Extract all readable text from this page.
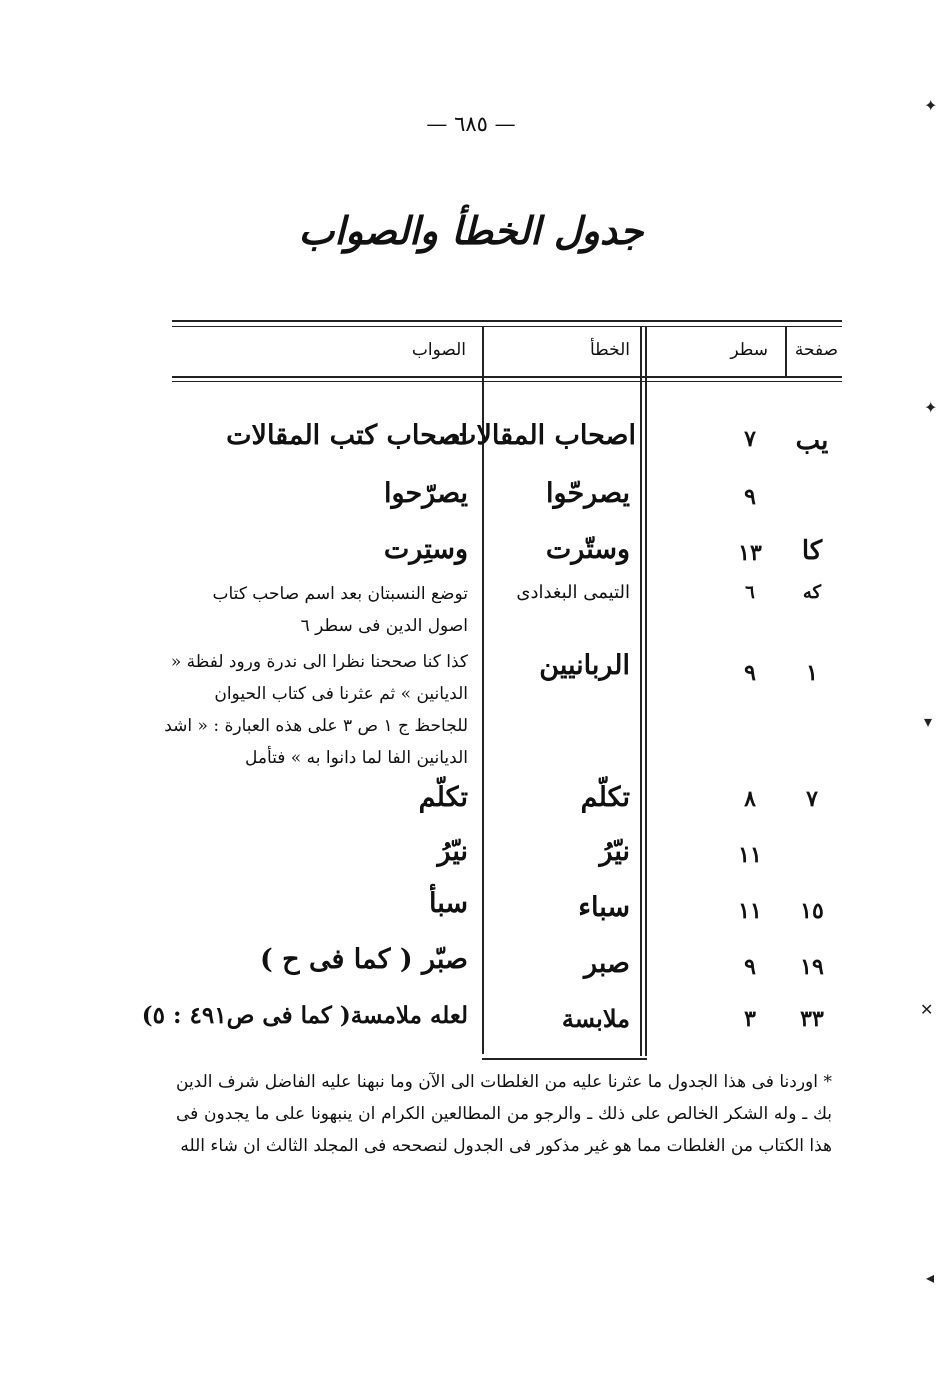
— ٦٨٥ —
جدول الخطأ والصواب
صفحة
سطر
الخطأ
الصواب
يب
٧
اصحاب المقالات
اصحاب كتب المقالات
٩
يصرحّوا
يصرّحوا
كا
١٣
وستّرت
وستِرت
كه
٦
التيمى البغدادى
توضع النسبتان بعد اسم صاحب كتاب اصول الدين فى سطر ٦
١
٩
الربانيين
كذا كنا صححنا نظرا الى ندرة ورود لفظة « الديانين » ثم عثرنا فى كتاب الحيوان للجاحظ ج ١ ص ٣ على هذه العبارة : « اشد الديانين الفا لما دانوا به » فتأمل
٧
٨
تكلّم
تكلّم
١١
نيّرُ
نيّرُ
١٥
١١
سباء
سبأ
١٩
٩
صبر
صبّر ( كما فى ح )
٣٣
٣
ملابسة
لعله ملامسة( كما فى ص٤٩١ : ٥)
* اوردنا فى هذا الجدول ما عثرنا عليه من الغلطات الى الآن وما نبهنا عليه الفاضل شرف الدين بك ـ وله الشكر الخالص على ذلك ـ والرجو من المطالعين الكرام ان ينبهونا على ما يجدون فى هذا الكتاب من الغلطات مما هو غير مذكور فى الجدول لنصححه فى المجلد الثالث ان شاء الله
✦
✦
▾
✕
◂
